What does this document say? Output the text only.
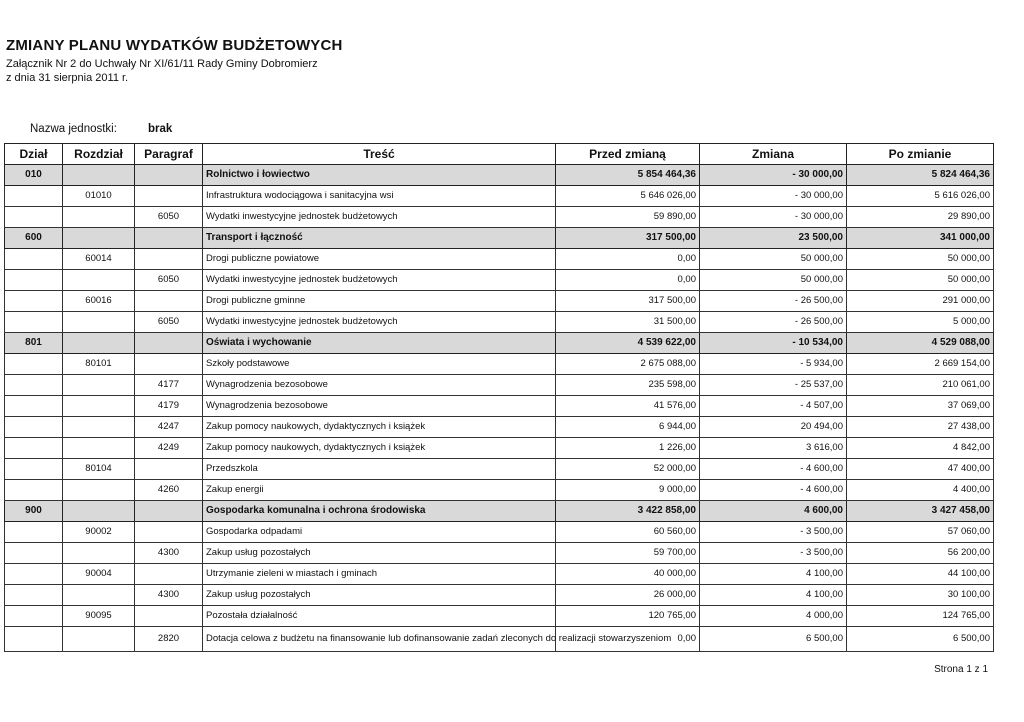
ZMIANY PLANU WYDATKÓW BUDŻETOWYCH
Załącznik Nr 2 do Uchwały Nr XI/61/11 Rady Gminy Dobromierz
z dnia 31 sierpnia 2011 r.
Nazwa jednostki:	brak
Dział	Rozdział	Paragraf	Treść	Przed zmianą	Zmiana	Po zmianie
010			Rolnictwo i łowiectwo	5 854 464,36	- 30 000,00	5 824 464,36
	01010		Infrastruktura wodociągowa i sanitacyjna wsi	5 646 026,00	- 30 000,00	5 616 026,00
		6050	Wydatki inwestycyjne jednostek budżetowych	59 890,00	- 30 000,00	29 890,00
600			Transport i łączność	317 500,00	23 500,00	341 000,00
	60014		Drogi publiczne powiatowe	0,00	50 000,00	50 000,00
		6050	Wydatki inwestycyjne jednostek budżetowych	0,00	50 000,00	50 000,00
	60016		Drogi publiczne gminne	317 500,00	- 26 500,00	291 000,00
		6050	Wydatki inwestycyjne jednostek budżetowych	31 500,00	- 26 500,00	5 000,00
801			Oświata i wychowanie	4 539 622,00	- 10 534,00	4 529 088,00
	80101		Szkoły podstawowe	2 675 088,00	- 5 934,00	2 669 154,00
		4177	Wynagrodzenia bezosobowe	235 598,00	- 25 537,00	210 061,00
		4179	Wynagrodzenia bezosobowe	41 576,00	- 4 507,00	37 069,00
		4247	Zakup pomocy naukowych, dydaktycznych i książek	6 944,00	20 494,00	27 438,00
		4249	Zakup pomocy naukowych, dydaktycznych i książek	1 226,00	3 616,00	4 842,00
	80104		Przedszkola	52 000,00	- 4 600,00	47 400,00
		4260	Zakup energii	9 000,00	- 4 600,00	4 400,00
900			Gospodarka komunalna i ochrona środowiska	3 422 858,00	4 600,00	3 427 458,00
	90002		Gospodarka odpadami	60 560,00	- 3 500,00	57 060,00
		4300	Zakup usług pozostałych	59 700,00	- 3 500,00	56 200,00
	90004		Utrzymanie zieleni w miastach i gminach	40 000,00	4 100,00	44 100,00
		4300	Zakup usług pozostałych	26 000,00	4 100,00	30 100,00
	90095		Pozostała działalność	120 765,00	4 000,00	124 765,00
		2820	Dotacja celowa z budżetu na finansowanie lub dofinansowanie zadań zleconych do realizacji stowarzyszeniom	0,00	6 500,00	6 500,00
Strona 1 z 1
